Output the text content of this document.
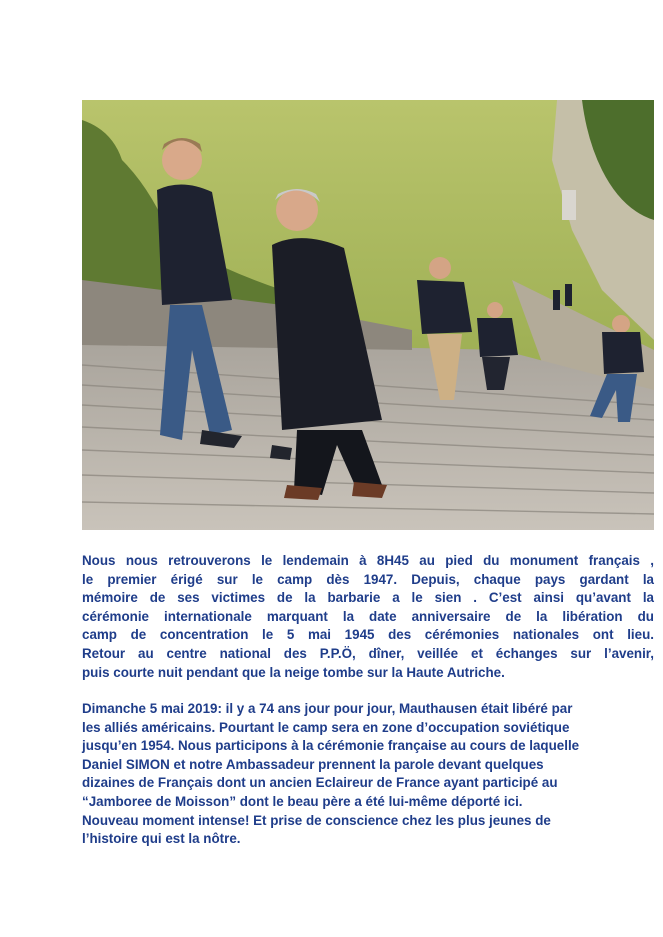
Nous nous retrouverons le lendemain à 8H45 au pied du monument français ,
le premier érigé sur le camp dès 1947. Depuis, chaque pays gardant la
mémoire de ses victimes de la barbarie a le sien . C’est ainsi qu’avant la
cérémonie internationale marquant la date anniversaire de la libération du
camp de concentration le 5 mai 1945 des cérémonies nationales ont lieu.
Retour au centre national des P.P.Ö, dîner, veillée et échanges sur l’avenir,
puis courte nuit pendant que la neige tombe sur la Haute Autriche.

Dimanche 5 mai 2019: il y a 74 ans jour pour jour, Mauthausen était libéré par
les alliés américains. Pourtant le camp sera en zone d’occupation soviétique
jusqu’en 1954. Nous participons à la cérémonie française au cours de laquelle
Daniel SIMON et notre Ambassadeur prennent la parole devant quelques
dizaines de Français dont un ancien Eclaireur de France ayant participé au
“Jamboree de Moisson” dont le beau père a été lui-même déporté ici.
Nouveau moment intense! Et prise de conscience chez les plus jeunes de
l’histoire qui est la nôtre.
